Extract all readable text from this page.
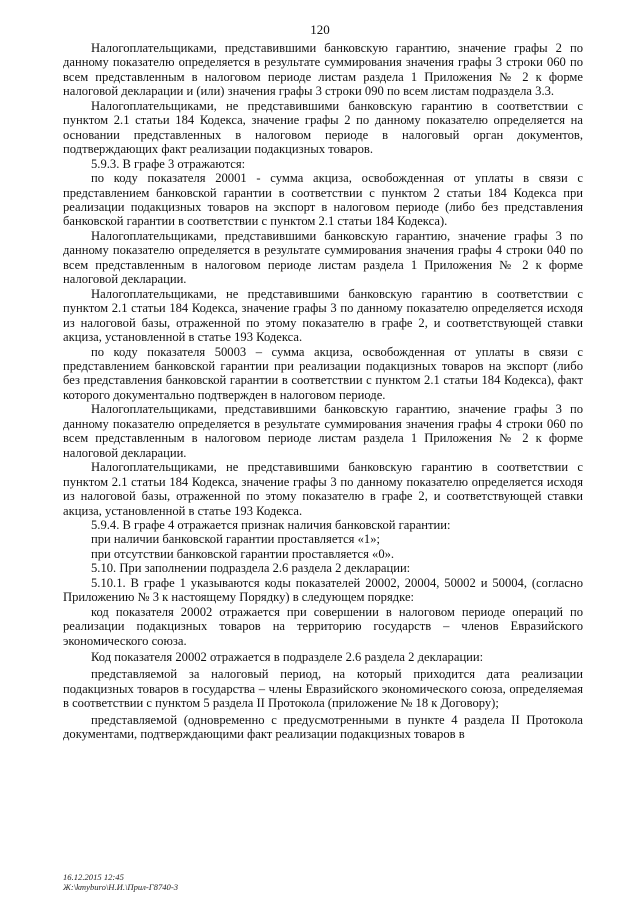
120

Налогоплательщиками, представившими банковскую гарантию, значение графы 2 по данному показателю определяется в результате суммирования значения графы 3 строки 060 по всем представленным в налоговом периоде листам раздела 1 Приложения № 2 к форме налоговой декларации и (или) значения графы 3 строки 090 по всем листам подраздела 3.3.

Налогоплательщиками, не представившими банковскую гарантию в соответствии с пунктом 2.1 статьи 184 Кодекса, значение графы 2 по данному показателю определяется на основании представленных в налоговом периоде в налоговый орган документов, подтверждающих факт реализации подакцизных товаров.

5.9.3. В графе 3 отражаются:

по коду показателя 20001 - сумма акциза, освобожденная от уплаты в связи с представлением банковской гарантии в соответствии с пунктом 2 статьи 184 Кодекса при реализации подакцизных товаров на экспорт в налоговом периоде (либо без представления банковской гарантии в соответствии с пунктом 2.1 статьи 184 Кодекса).

Налогоплательщиками, представившими банковскую гарантию, значение графы 3 по данному показателю определяется в результате суммирования значения графы 4 строки 040 по всем представленным в налоговом периоде листам раздела 1 Приложения № 2 к форме налоговой декларации.

Налогоплательщиками, не представившими банковскую гарантию в соответствии с пунктом 2.1 статьи 184 Кодекса, значение графы 3 по данному показателю определяется исходя из налоговой базы, отраженной по этому показателю в графе 2, и соответствующей ставки акциза, установленной в статье 193 Кодекса.

по коду показателя 50003 – сумма акциза, освобожденная от уплаты в связи с представлением банковской гарантии при реализации подакцизных товаров на экспорт (либо без представления банковской гарантии в соответствии с пунктом 2.1 статьи 184 Кодекса), факт которого документально подтвержден в налоговом периоде.

Налогоплательщиками, представившими банковскую гарантию, значение графы 3 по данному показателю определяется в результате суммирования значения графы 4 строки 060 по всем представленным в налоговом периоде листам раздела 1 Приложения № 2 к форме налоговой декларации.

Налогоплательщиками, не представившими банковскую гарантию в соответствии с пунктом 2.1 статьи 184 Кодекса, значение графы 3 по данному показателю определяется исходя из налоговой базы, отраженной по этому показателю в графе 2, и соответствующей ставки акциза, установленной в статье 193 Кодекса.

5.9.4. В графе 4 отражается признак наличия банковской гарантии:

при наличии банковской гарантии проставляется «1»;

при отсутствии банковской гарантии проставляется «0».

5.10. При заполнении подраздела 2.6 раздела 2 декларации:

5.10.1. В графе 1 указываются коды показателей 20002, 20004, 50002 и 50004, (согласно Приложению № 3 к настоящему Порядку) в следующем порядке:

код показателя 20002 отражается при совершении в налоговом периоде операций по реализации подакцизных товаров на территорию государств – членов Евразийского экономического союза.

Код показателя 20002 отражается в подразделе 2.6 раздела 2 декларации:

представляемой за налоговый период, на который приходится дата реализации подакцизных товаров в государства – члены Евразийского экономического союза, определяемая в соответствии с пунктом 5 раздела II Протокола (приложение № 18 к Договору);

представляемой (одновременно с предусмотренными в пункте 4 раздела II Протокола документами, подтверждающими факт реализации подакцизных товаров в

16.12.2015 12:45
Ж:\kmyburo\Н.И.\Прил-Г8740-3
